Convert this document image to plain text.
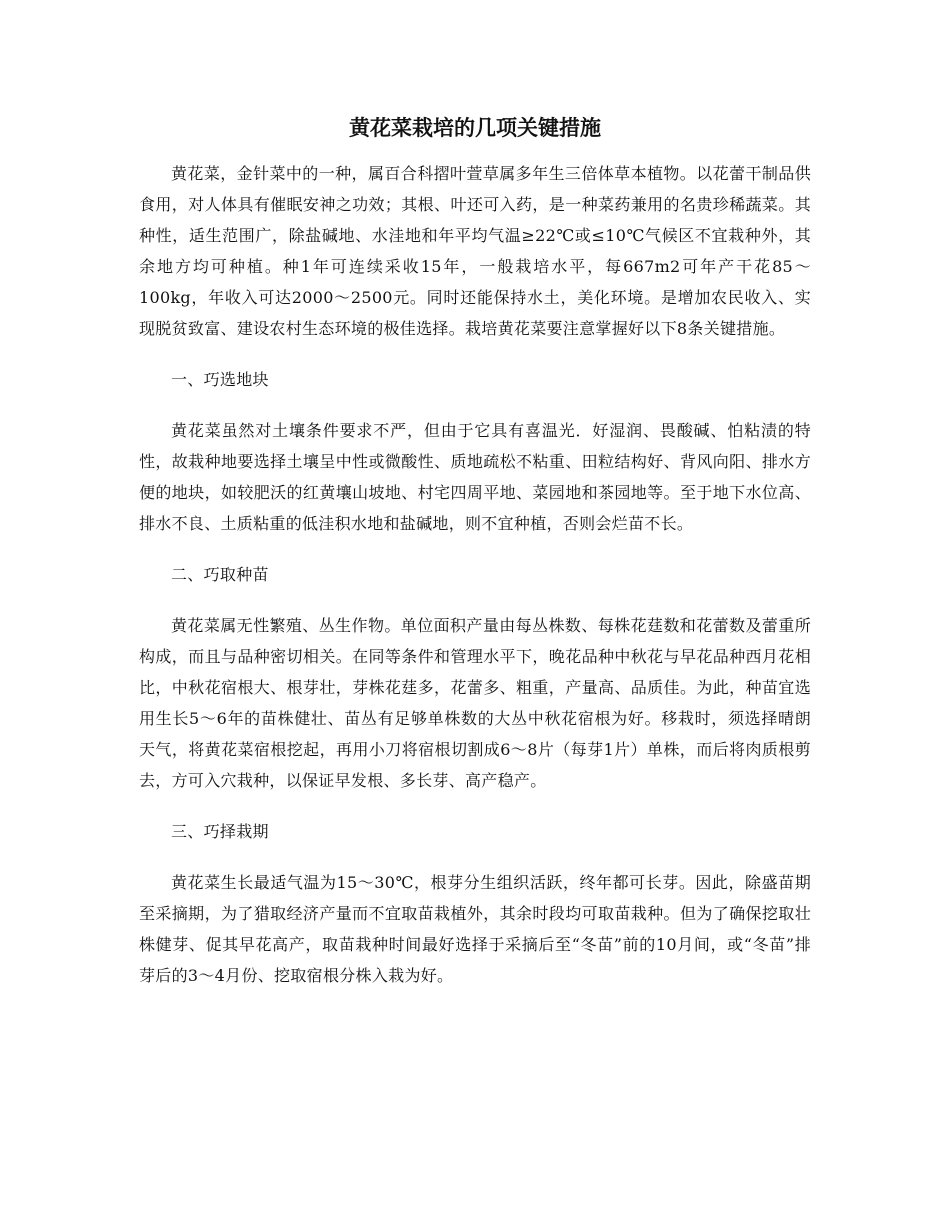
黄花菜栽培的几项关键措施

黄花菜，金针菜中的一种，属百合科摺叶萱草属多年生三倍体草本植物。以花蕾干制品供食用，对人体具有催眠安神之功效；其根、叶还可入药，是一种菜药兼用的名贵珍稀蔬菜。其种性，适生范围广，除盐碱地、水洼地和年平均气温≥22℃或≤10℃气候区不宜栽种外，其余地方均可种植。种1年可连续采收15年，一般栽培水平，每667m2可年产干花85～100kg，年收入可达2000～2500元。同时还能保持水土，美化环境。是增加农民收入、实现脱贫致富、建设农村生态环境的极佳选择。栽培黄花菜要注意掌握好以下8条关键措施。

一、巧选地块

黄花菜虽然对土壤条件要求不严，但由于它具有喜温光．好湿润、畏酸碱、怕粘渍的特性，故栽种地要选择土壤呈中性或微酸性、质地疏松不粘重、田粒结构好、背风向阳、排水方便的地块，如较肥沃的红黄壤山坡地、村宅四周平地、菜园地和茶园地等。至于地下水位高、排水不良、土质粘重的低洼积水地和盐碱地，则不宜种植，否则会烂苗不长。

二、巧取种苗

黄花菜属无性繁殖、丛生作物。单位面积产量由每丛株数、每株花莛数和花蕾数及蕾重所构成，而且与品种密切相关。在同等条件和管理水平下，晚花品种中秋花与早花品种西月花相比，中秋花宿根大、根芽壮，芽株花莛多，花蕾多、粗重，产量高、品质佳。为此，种苗宜选用生长5～6年的苗株健壮、苗丛有足够单株数的大丛中秋花宿根为好。移栽时，须选择晴朗天气，将黄花菜宿根挖起，再用小刀将宿根切割成6～8片（每芽1片）单株，而后将肉质根剪去，方可入穴栽种，以保证早发根、多长芽、高产稳产。

三、巧择栽期

黄花菜生长最适气温为15～30℃，根芽分生组织活跃，终年都可长芽。因此，除盛苗期至采摘期，为了猎取经济产量而不宜取苗栽植外，其余时段均可取苗栽种。但为了确保挖取壮株健芽、促其早花高产，取苗栽种时间最好选择于采摘后至“冬苗”前的10月间，或“冬苗”排芽后的3～4月份、挖取宿根分株入栽为好。
